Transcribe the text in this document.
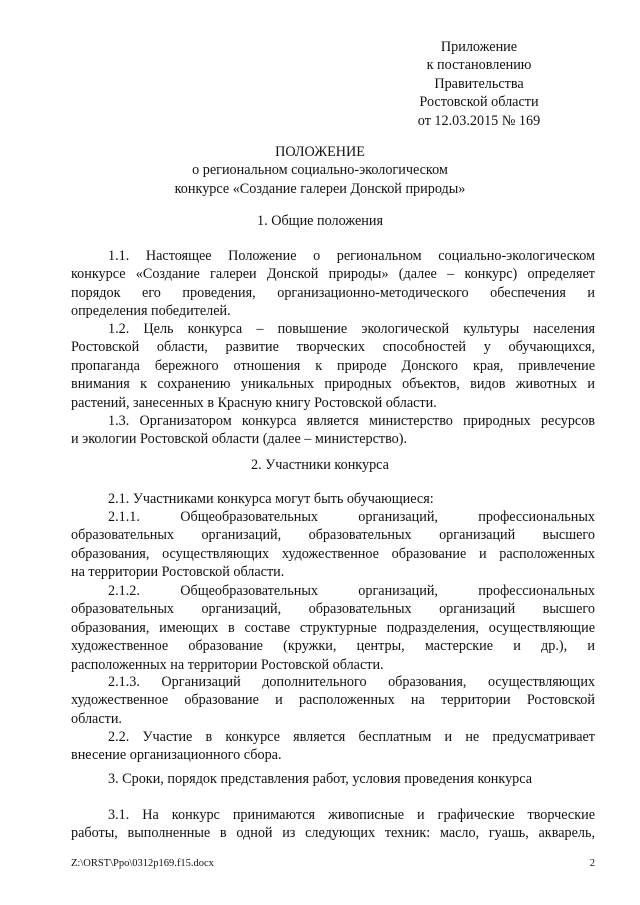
Приложение
к постановлению
Правительства
Ростовской области
от 12.03.2015 № 169
ПОЛОЖЕНИЕ
о региональном социально-экологическом
конкурсе «Создание галереи Донской природы»
1. Общие положения
1.1. Настоящее Положение о региональном социально-экологическом
конкурсе «Создание галереи Донской природы» (далее – конкурс) определяет
порядок его проведения, организационно-методического обеспечения и
определения победителей.
1.2. Цель конкурса – повышение экологической культуры населения
Ростовской области, развитие творческих способностей у обучающихся,
пропаганда бережного отношения к природе Донского края, привлечение
внимания к сохранению уникальных природных объектов, видов животных и
растений, занесенных в Красную книгу Ростовской области.
1.3. Организатором конкурса является министерство природных ресурсов
и экологии Ростовской области (далее – министерство).
2. Участники конкурса
2.1. Участниками конкурса могут быть обучающиеся:
2.1.1. Общеобразовательных организаций, профессиональных
образовательных организаций, образовательных организаций высшего
образования, осуществляющих художественное образование и расположенных
на территории Ростовской области.
2.1.2. Общеобразовательных организаций, профессиональных
образовательных организаций, образовательных организаций высшего
образования, имеющих в составе структурные подразделения, осуществляющие
художественное образование (кружки, центры, мастерские и др.), и
расположенных на территории Ростовской области.
2.1.3. Организаций дополнительного образования, осуществляющих
художественное образование и расположенных на территории Ростовской
области.
2.2. Участие в конкурсе является бесплатным и не предусматривает
внесение организационного сбора.
3. Сроки, порядок представления работ, условия проведения конкурса
3.1. На конкурс принимаются живописные и графические творческие
работы, выполненные в одной из следующих техник: масло, гуашь, акварель,
Z:\ORST\Ppo\0312p169.f15.docx	2
